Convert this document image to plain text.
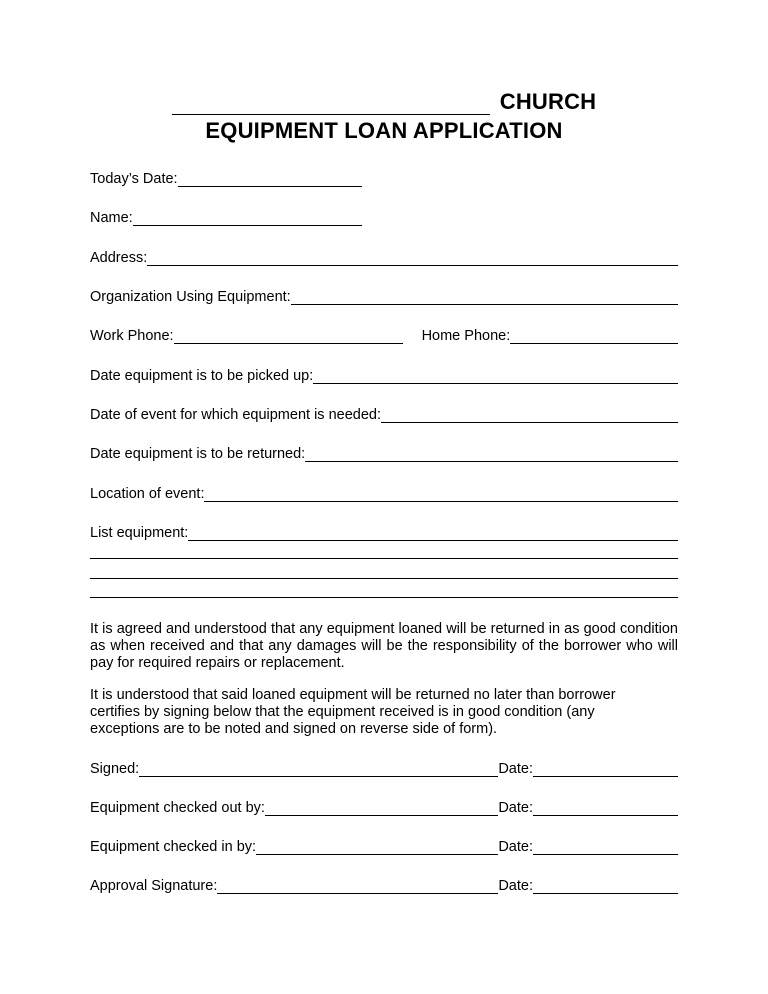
CHURCH
EQUIPMENT LOAN APPLICATION
Today’s Date:
Name:
Address:
Organization Using Equipment:
Work Phone:	Home Phone:
Date equipment is to be picked up:
Date of event for which equipment is needed:
Date equipment is to be returned:
Location of event:
List equipment:
It is agreed and understood that any equipment loaned will be returned in as good condition as when received and that any damages will be the responsibility of the borrower who will pay for required repairs or replacement.
It is understood that said loaned equipment will be returned no later than borrower
certifies by signing below that the equipment received is in good condition (any
exceptions are to be noted and signed on reverse side of form).
Signed:	Date:
Equipment checked out by:	Date:
Equipment checked in by:	Date:
Approval Signature:	Date:
